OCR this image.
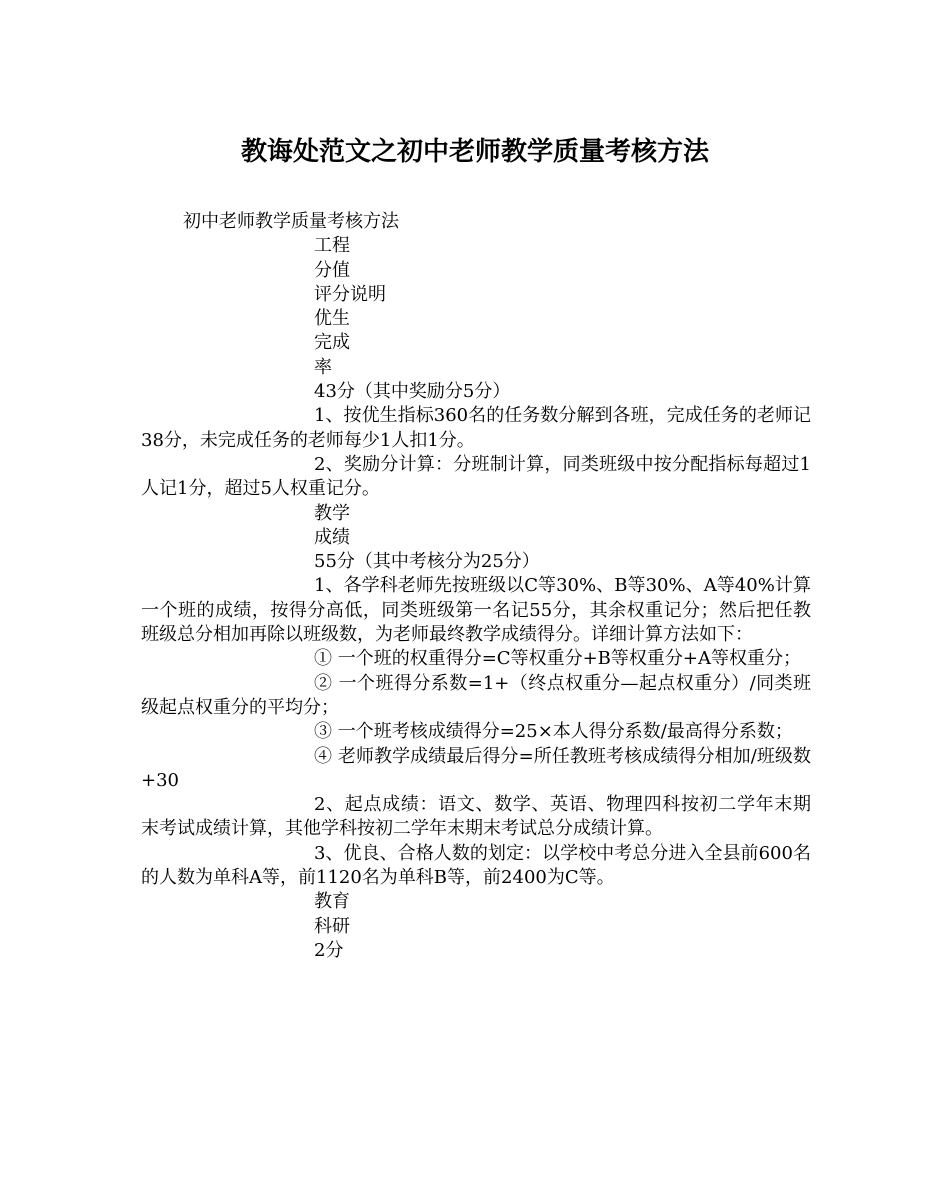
教诲处范文之初中老师教学质量考核方法

初中老师教学质量考核方法

工程

分值

评分说明

优生

完成

率

43分（其中奖励分5分）

1、按优生指标360名的任务数分解到各班，完成任务的老师记38分，未完成任务的老师每少1人扣1分。

2、奖励分计算：分班制计算，同类班级中按分配指标每超过1人记1分，超过5人权重记分。

教学

成绩

55分（其中考核分为25分）

1、各学科老师先按班级以C等30%、B等30%、A等40%计算一个班的成绩，按得分高低，同类班级第一名记55分，其余权重记分；然后把任教班级总分相加再除以班级数，为老师最终教学成绩得分。详细计算方法如下：

① 一个班的权重得分=C等权重分+B等权重分+A等权重分；

② 一个班得分系数=1+（终点权重分—起点权重分）/同类班级起点权重分的平均分；

③ 一个班考核成绩得分=25×本人得分系数/最高得分系数；

④ 老师教学成绩最后得分=所任教班考核成绩得分相加/班级数+30

2、起点成绩：语文、数学、英语、物理四科按初二学年末期末考试成绩计算，其他学科按初二学年末期末考试总分成绩计算。

3、优良、合格人数的划定：以学校中考总分进入全县前600名的人数为单科A等，前1120名为单科B等，前2400为C等。

教育

科研

2分
